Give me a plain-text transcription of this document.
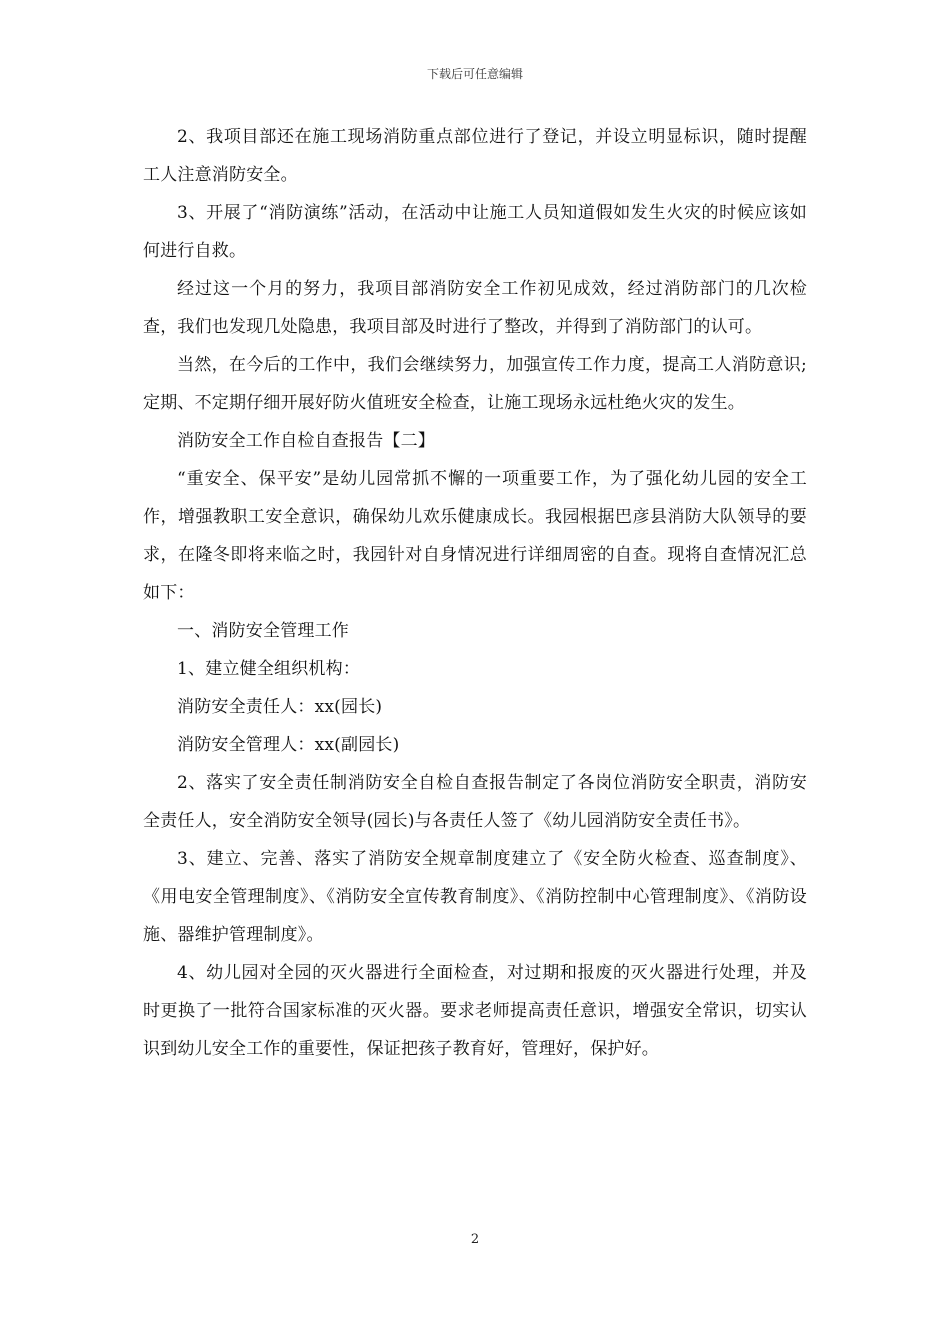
下载后可任意编辑

2、我项目部还在施工现场消防重点部位进行了登记，并设立明显标识，随时提醒工人注意消防安全。

3、开展了“消防演练”活动，在活动中让施工人员知道假如发生火灾的时候应该如何进行自救。

经过这一个月的努力，我项目部消防安全工作初见成效，经过消防部门的几次检查，我们也发现几处隐患，我项目部及时进行了整改，并得到了消防部门的认可。

当然，在今后的工作中，我们会继续努力，加强宣传工作力度，提高工人消防意识;定期、不定期仔细开展好防火值班安全检查，让施工现场永远杜绝火灾的发生。

消防安全工作自检自查报告【二】

“重安全、保平安”是幼儿园常抓不懈的一项重要工作，为了强化幼儿园的安全工作，增强教职工安全意识，确保幼儿欢乐健康成长。我园根据巴彦县消防大队领导的要求，在隆冬即将来临之时，我园针对自身情况进行详细周密的自查。现将自查情况汇总如下：

一、消防安全管理工作

1、建立健全组织机构：

消防安全责任人：xx(园长)

消防安全管理人：xx(副园长)

2、落实了安全责任制消防安全自检自查报告制定了各岗位消防安全职责，消防安全责任人，安全消防安全领导(园长)与各责任人签了《幼儿园消防安全责任书》。

3、建立、完善、落实了消防安全规章制度建立了《安全防火检查、巡查制度》、《用电安全管理制度》、《消防安全宣传教育制度》、《消防控制中心管理制度》、《消防设施、器维护管理制度》。

4、幼儿园对全园的灭火器进行全面检查，对过期和报废的灭火器进行处理，并及时更换了一批符合国家标准的灭火器。要求老师提高责任意识，增强安全常识，切实认识到幼儿安全工作的重要性，保证把孩子教育好，管理好，保护好。

2
